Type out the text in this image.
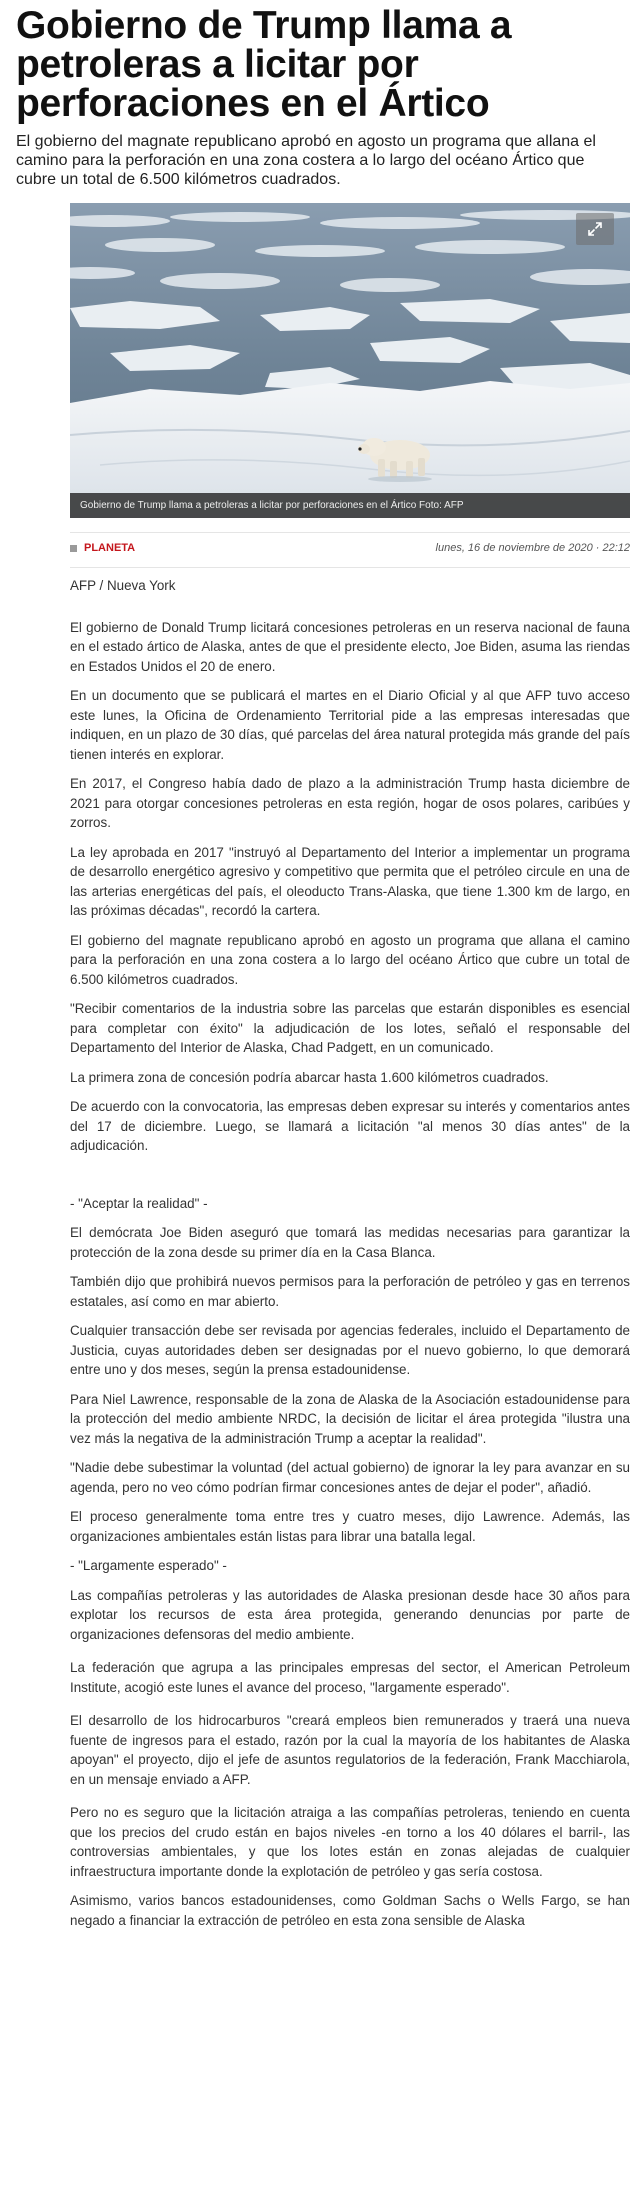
Gobierno de Trump llama a petroleras a licitar por perforaciones en el Ártico

El gobierno del magnate republicano aprobó en agosto un programa que allana el camino para la perforación en una zona costera a lo largo del océano Ártico que cubre un total de 6.500 kilómetros cuadrados.

Gobierno de Trump llama a petroleras a licitar por perforaciones en el Ártico Foto: AFP
PLANETA	lunes, 16 de noviembre de 2020 · 22:12

AFP / Nueva York

El gobierno de Donald Trump licitará concesiones petroleras en un reserva nacional de fauna en el estado ártico de Alaska, antes de que el presidente electo, Joe Biden, asuma las riendas en Estados Unidos el 20 de enero.

En un documento que se publicará el martes en el Diario Oficial y al que AFP tuvo acceso este lunes, la Oficina de Ordenamiento Territorial pide a las empresas interesadas que indiquen, en un plazo de 30 días, qué parcelas del área natural protegida más grande del país tienen interés en explorar.

En 2017, el Congreso había dado de plazo a la administración Trump hasta diciembre de 2021 para otorgar concesiones petroleras en esta región, hogar de osos polares, caribúes y zorros.

La ley aprobada en 2017 "instruyó al Departamento del Interior a implementar un programa de desarrollo energético agresivo y competitivo que permita que el petróleo circule en una de las arterias energéticas del país, el oleoducto Trans-Alaska, que tiene 1.300 km de largo, en las próximas décadas", recordó la cartera.

El gobierno del magnate republicano aprobó en agosto un programa que allana el camino para la perforación en una zona costera a lo largo del océano Ártico que cubre un total de 6.500 kilómetros cuadrados.

"Recibir comentarios de la industria sobre las parcelas que estarán disponibles es esencial para completar con éxito" la adjudicación de los lotes, señaló el responsable del Departamento del Interior de Alaska, Chad Padgett, en un comunicado.

La primera zona de concesión podría abarcar hasta 1.600 kilómetros cuadrados.

De acuerdo con la convocatoria, las empresas deben expresar su interés y comentarios antes del 17 de diciembre. Luego, se llamará a licitación "al menos 30 días antes" de la adjudicación.

- "Aceptar la realidad" -

El demócrata Joe Biden aseguró que tomará las medidas necesarias para garantizar la protección de la zona desde su primer día en la Casa Blanca.

También dijo que prohibirá nuevos permisos para la perforación de petróleo y gas en terrenos estatales, así como en mar abierto.

Cualquier transacción debe ser revisada por agencias federales, incluido el Departamento de Justicia, cuyas autoridades deben ser designadas por el nuevo gobierno, lo que demorará entre uno y dos meses, según la prensa estadounidense.

Para Niel Lawrence, responsable de la zona de Alaska de la Asociación estadounidense para la protección del medio ambiente NRDC, la decisión de licitar el área protegida "ilustra una vez más la negativa de la administración Trump a aceptar la realidad".

"Nadie debe subestimar la voluntad (del actual gobierno) de ignorar la ley para avanzar en su agenda, pero no veo cómo podrían firmar concesiones antes de dejar el poder", añadió.

El proceso generalmente toma entre tres y cuatro meses, dijo Lawrence. Además, las organizaciones ambientales están listas para librar una batalla legal.

- "Largamente esperado" -

Las compañías petroleras y las autoridades de Alaska presionan desde hace 30 años para explotar los recursos de esta área protegida, generando denuncias por parte de organizaciones defensoras del medio ambiente.

La federación que agrupa a las principales empresas del sector, el American Petroleum Institute, acogió este lunes el avance del proceso, "largamente esperado".

El desarrollo de los hidrocarburos "creará empleos bien remunerados y traerá una nueva fuente de ingresos para el estado, razón por la cual la mayoría de los habitantes de Alaska apoyan" el proyecto, dijo el jefe de asuntos regulatorios de la federación, Frank Macchiarola, en un mensaje enviado a AFP.

Pero no es seguro que la licitación atraiga a las compañías petroleras, teniendo en cuenta que los precios del crudo están en bajos niveles -en torno a los 40 dólares el barril-, las controversias ambientales, y que los lotes están en zonas alejadas de cualquier infraestructura importante donde la explotación de petróleo y gas sería costosa.

Asimismo, varios bancos estadounidenses, como Goldman Sachs o Wells Fargo, se han negado a financiar la extracción de petróleo en esta zona sensible de Alaska
